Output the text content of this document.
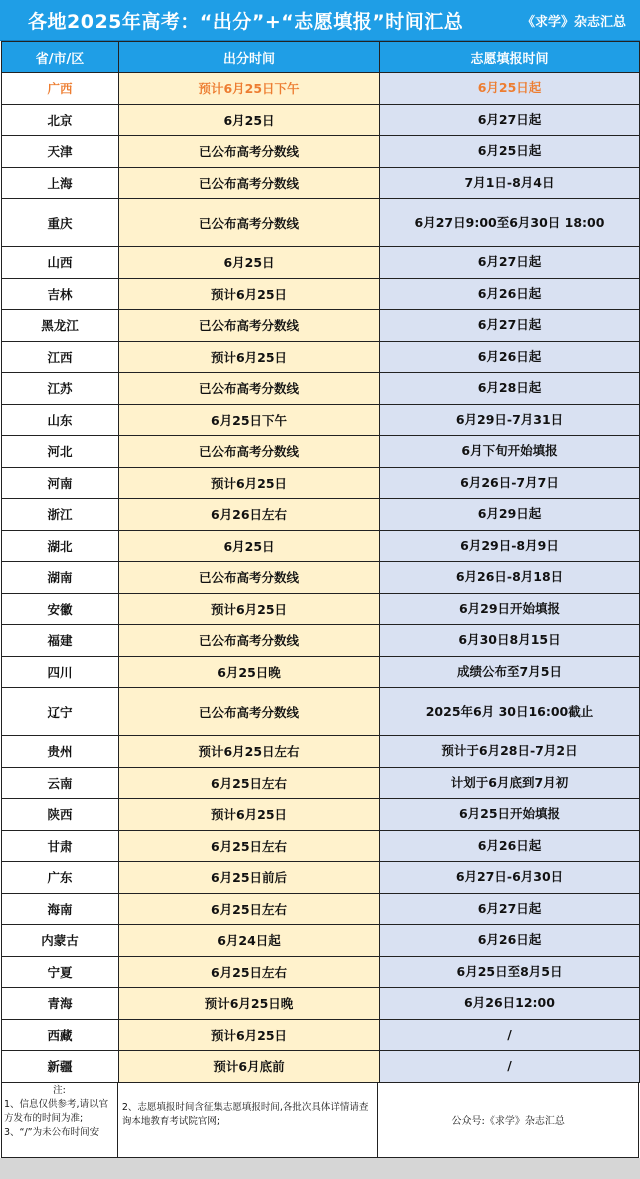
各地2025年高考：“出分”+“志愿填报”时间汇总	《求学》杂志汇总
省/市/区	出分时间	志愿填报时间
广西	预计6月25日下午	6月25日起
北京	6月25日	6月27日起
天津	已公布高考分数线	6月25日起
上海	已公布高考分数线	7月1日-8月4日
重庆	已公布高考分数线	6月27日9:00至6月30日 18:00
山西	6月25日	6月27日起
吉林	预计6月25日	6月26日起
黑龙江	已公布高考分数线	6月27日起
江西	预计6月25日	6月26日起
江苏	已公布高考分数线	6月28日起
山东	6月25日下午	6月29日-7月31日
河北	已公布高考分数线	6月下旬开始填报
河南	预计6月25日	6月26日-7月7日
浙江	6月26日左右	6月29日起
湖北	6月25日	6月29日-8月9日
湖南	已公布高考分数线	6月26日-8月18日
安徽	预计6月25日	6月29日开始填报
福建	已公布高考分数线	6月30日8月15日
四川	6月25日晚	成绩公布至7月5日
辽宁	已公布高考分数线	2025年6月 30日16:00截止
贵州	预计6月25日左右	预计于6月28日-7月2日
云南	6月25日左右	计划于6月底到7月初
陕西	预计6月25日	6月25日开始填报
甘肃	6月25日左右	6月26日起
广东	6月25日前后	6月27日-6月30日
海南	6月25日左右	6月27日起
内蒙古	6月24日起	6月26日起
宁夏	6月25日左右	6月25日至8月5日
青海	预计6月25日晚	6月26日12:00
西藏	预计6月25日	/
新疆	预计6月底前	/
注:
1、信息仅供参考,请以官方发布的时间为准;
3、“/”为未公布时间安
2、志愿填报时间含征集志愿填报时间,各批次具体详情请查询本地教育考试院官网;	公众号:《求学》杂志汇总
